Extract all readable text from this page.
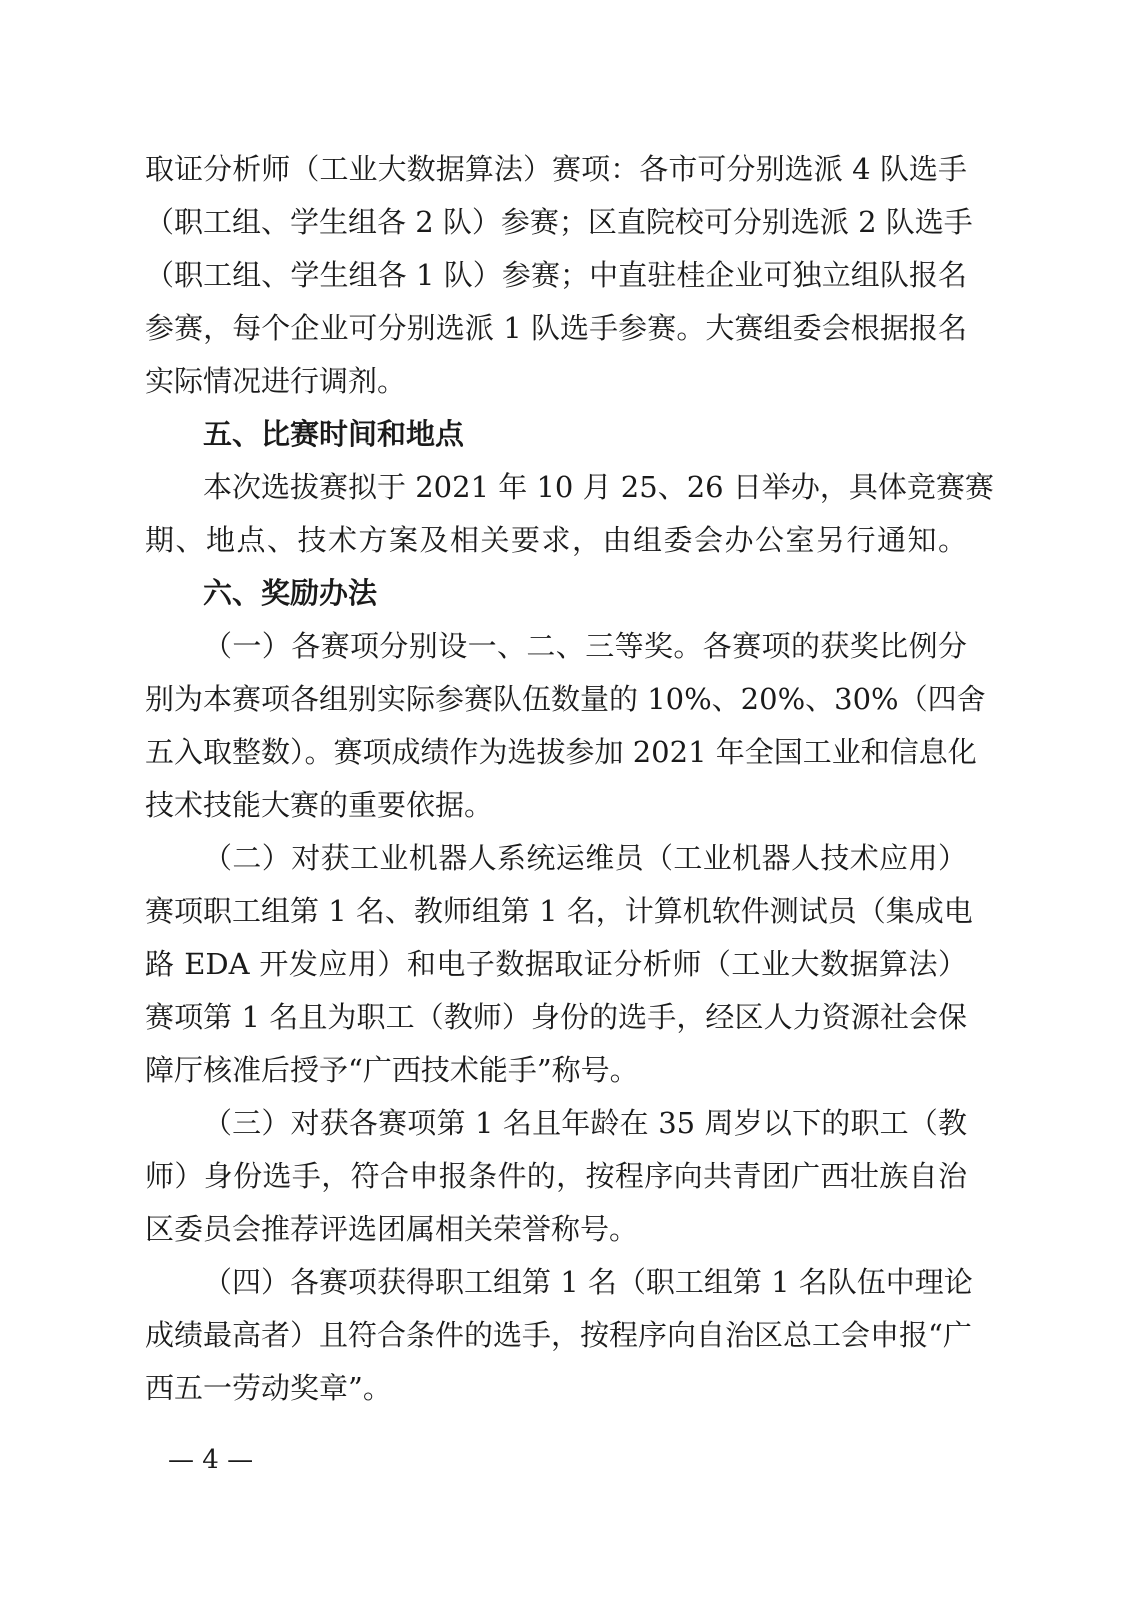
取证分析师（工业大数据算法）赛项：各市可分别选派 4 队选手
（职工组、学生组各 2 队）参赛；区直院校可分别选派 2 队选手
（职工组、学生组各 1 队）参赛；中直驻桂企业可独立组队报名
参赛，每个企业可分别选派 1 队选手参赛。大赛组委会根据报名
实际情况进行调剂。
五、比赛时间和地点
本次选拔赛拟于 2021 年 10 月 25、26 日举办，具体竞赛赛
期、地点、技术方案及相关要求，由组委会办公室另行通知。
六、奖励办法
（一）各赛项分别设一、二、三等奖。各赛项的获奖比例分
别为本赛项各组别实际参赛队伍数量的 10%、20%、30%（四舍
五入取整数）。赛项成绩作为选拔参加 2021 年全国工业和信息化
技术技能大赛的重要依据。
（二）对获工业机器人系统运维员（工业机器人技术应用）
赛项职工组第 1 名、教师组第 1 名，计算机软件测试员（集成电
路 EDA 开发应用）和电子数据取证分析师（工业大数据算法）
赛项第 1 名且为职工（教师）身份的选手，经区人力资源社会保
障厅核准后授予“广西技术能手”称号。
（三）对获各赛项第 1 名且年龄在 35 周岁以下的职工（教
师）身份选手，符合申报条件的，按程序向共青团广西壮族自治
区委员会推荐评选团属相关荣誉称号。
（四）各赛项获得职工组第 1 名（职工组第 1 名队伍中理论
成绩最高者）且符合条件的选手，按程序向自治区总工会申报“广
西五一劳动奖章”。
— 4 —
